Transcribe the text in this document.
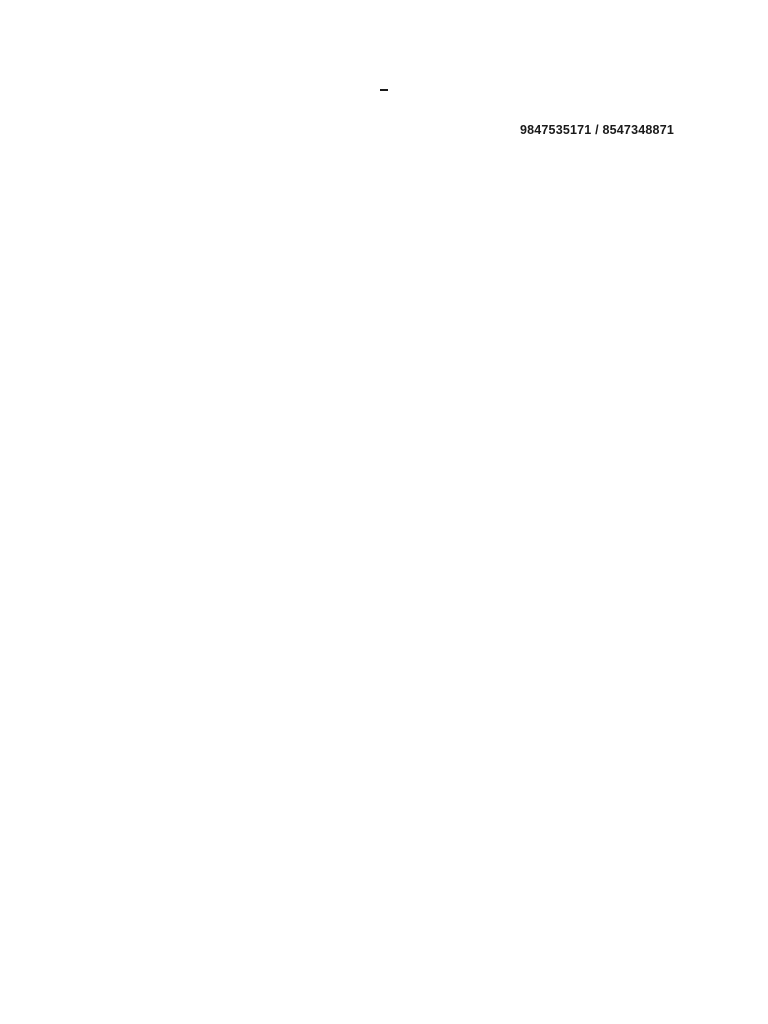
9847535171 / 8547348871
